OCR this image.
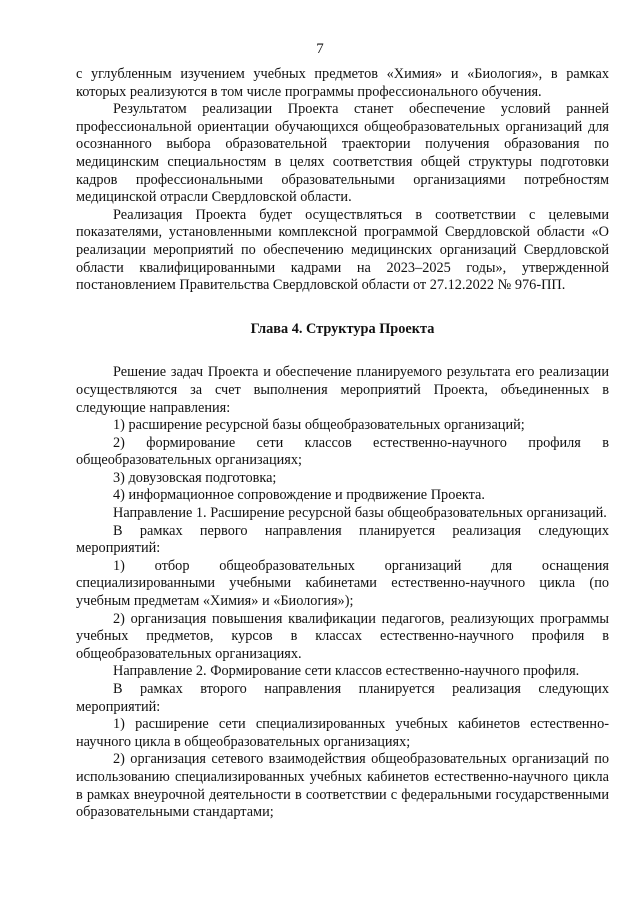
7

с углубленным изучением учебных предметов «Химия» и «Биология», в рамках которых реализуются в том числе программы профессионального обучения.

Результатом реализации Проекта станет обеспечение условий ранней профессиональной ориентации обучающихся общеобразовательных организаций для осознанного выбора образовательной траектории получения образования по медицинским специальностям в целях соответствия общей структуры подготовки кадров профессиональными образовательными организациями потребностям медицинской отрасли Свердловской области.

Реализация Проекта будет осуществляться в соответствии с целевыми показателями, установленными комплексной программой Свердловской области «О реализации мероприятий по обеспечению медицинских организаций Свердловской области квалифицированными кадрами на 2023–2025 годы», утвержденной постановлением Правительства Свердловской области от 27.12.2022 № 976-ПП.

Глава 4. Структура Проекта

Решение задач Проекта и обеспечение планируемого результата его реализации осуществляются за счет выполнения мероприятий Проекта, объединенных в следующие направления:

1) расширение ресурсной базы общеобразовательных организаций;

2) формирование сети классов естественно-научного профиля в общеобразовательных организациях;

3) довузовская подготовка;

4) информационное сопровождение и продвижение Проекта.

Направление 1. Расширение ресурсной базы общеобразовательных организаций.

В рамках первого направления планируется реализация следующих мероприятий:

1) отбор общеобразовательных организаций для оснащения специализированными учебными кабинетами естественно-научного цикла (по учебным предметам «Химия» и «Биология»);

2) организация повышения квалификации педагогов, реализующих программы учебных предметов, курсов в классах естественно-научного профиля в общеобразовательных организациях.

Направление 2. Формирование сети классов естественно-научного профиля.

В рамках второго направления планируется реализация следующих мероприятий:

1) расширение сети специализированных учебных кабинетов естественно-научного цикла в общеобразовательных организациях;

2) организация сетевого взаимодействия общеобразовательных организаций по использованию специализированных учебных кабинетов естественно-научного цикла в рамках внеурочной деятельности в соответствии с федеральными государственными образовательными стандартами;
